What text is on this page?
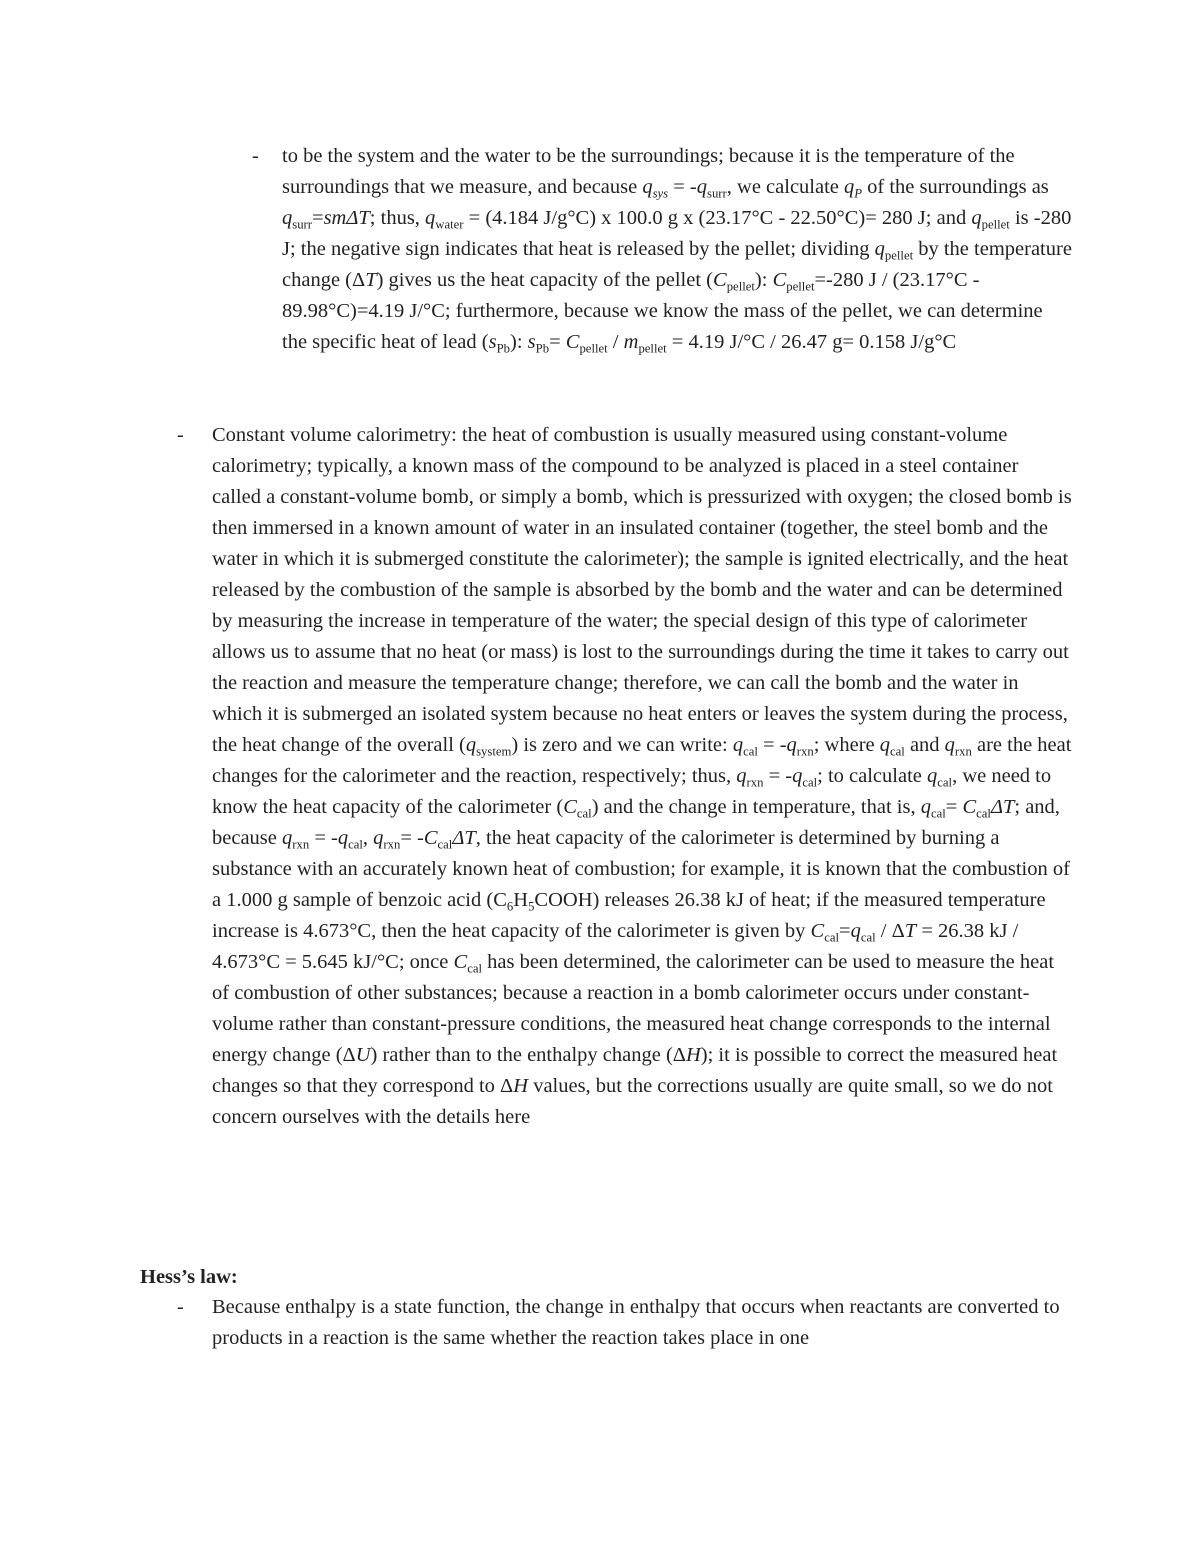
- to be the system and the water to be the surroundings; because it is the temperature of the surroundings that we measure, and because $q_{sys} = -q_{surr}$, we calculate $q_P$ of the surroundings as $q_{surr}=sm\Delta T$; thus, $q_{water} = (4.184$ J/g°C) x 100.0 g x (23.17°C - 22.50°C)= 280 J; and $q_{pellet}$ is -280 J; the negative sign indicates that heat is released by the pellet; dividing $q_{pellet}$ by the temperature change (ΔT) gives us the heat capacity of the pellet $(C_{pellet})$: $C_{pellet}=-280$ J / (23.17°C - 89.98°C)=4.19 J/°C; furthermore, because we know the mass of the pellet, we can determine the specific heat of lead $(s_{Pb})$: $s_{Pb}= C_{pellet} / m_{pellet} = 4.19$ J/°C / 26.47 g= 0.158 J/g°C

- Constant volume calorimetry: the heat of combustion is usually measured using constant-volume calorimetry; typically, a known mass of the compound to be analyzed is placed in a steel container called a constant-volume bomb, or simply a bomb, which is pressurized with oxygen; the closed bomb is then immersed in a known amount of water in an insulated container (together, the steel bomb and the water in which it is submerged constitute the calorimeter); the sample is ignited electrically, and the heat released by the combustion of the sample is absorbed by the bomb and the water and can be determined by measuring the increase in temperature of the water; the special design of this type of calorimeter allows us to assume that no heat (or mass) is lost to the surroundings during the time it takes to carry out the reaction and measure the temperature change; therefore, we can call the bomb and the water in which it is submerged an isolated system because no heat enters or leaves the system during the process, the heat change of the overall $(q_{system})$ is zero and we can write: $q_{cal} = -q_{rxn}$; where $q_{cal}$ and $q_{rxn}$ are the heat changes for the calorimeter and the reaction, respectively; thus, $q_{rxn} = -q_{cal}$; to calculate $q_{cal}$, we need to know the heat capacity of the calorimeter $(C_{cal})$ and the change in temperature, that is, $q_{cal}= C_{cal}\Delta T$; and, because $q_{rxn} = -q_{cal}$, $q_{rxn}= -C_{cal}\Delta T$, the heat capacity of the calorimeter is determined by burning a substance with an accurately known heat of combustion; for example, it is known that the combustion of a 1.000 g sample of benzoic acid $(C_6H_5COOH)$ releases 26.38 kJ of heat; if the measured temperature increase is 4.673°C, then the heat capacity of the calorimeter is given by $C_{cal}=q_{cal} / \Delta T = 26.38$ kJ / 4.673°C = 5.645 kJ/°C; once $C_{cal}$ has been determined, the calorimeter can be used to measure the heat of combustion of other substances; because a reaction in a bomb calorimeter occurs under constant-volume rather than constant-pressure conditions, the measured heat change corresponds to the internal energy change (ΔU) rather than to the enthalpy change (ΔH); it is possible to correct the measured heat changes so that they correspond to ΔH values, but the corrections usually are quite small, so we do not concern ourselves with the details here

Hess’s law:
- Because enthalpy is a state function, the change in enthalpy that occurs when reactants are converted to products in a reaction is the same whether the reaction takes place in one
